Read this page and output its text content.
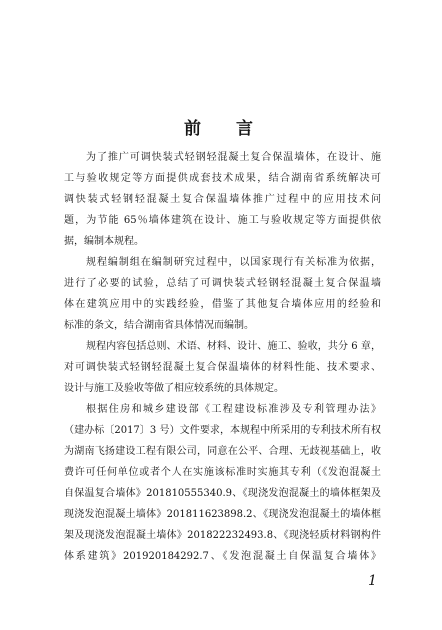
前　言
为了推广可调快装式轻钢轻混凝土复合保温墙体，在设计、施
工与验收规定等方面提供成套技术成果，结合湖南省系统解决可
调快装式轻钢轻混凝土复合保温墙体推广过程中的应用技术问
题，为节能 65％墙体建筑在设计、施工与验收规定等方面提供依
据，编制本规程。
规程编制组在编制研究过程中，以国家现行有关标准为依据，
进行了必要的试验，总结了可调快装式轻钢轻混凝土复合保温墙
体在建筑应用中的实践经验，借鉴了其他复合墙体应用的经验和
标准的条文，结合湖南省具体情况而编制。
规程内容包括总则、术语、材料、设计、施工、验收，共分 6 章，
对可调快装式轻钢轻混凝土复合保温墙体的材料性能、技术要求、
设计与施工及验收等做了相应较系统的具体规定。
根据住房和城乡建设部《工程建设标准涉及专利管理办法》
（建办标〔2017〕3 号）文件要求，本规程中所采用的专利技术所有权
为湖南飞扬建设工程有限公司，同意在公平、合理、无歧视基础上，收
费许可任何单位或者个人在实施该标准时实施其专利（《发泡混凝土
自保温复合墙体》201810555340.9、《现浇发泡混凝土的墙体框架及
现浇发泡混凝土墙体》201811623898.2、《现浇发泡混凝土的墙体框
架及现浇发泡混凝土墙体》201822232493.8、《现浇轻质材料钢构件
体系建筑》201920184292.7、《发泡混凝土自保温复合墙体》
1
